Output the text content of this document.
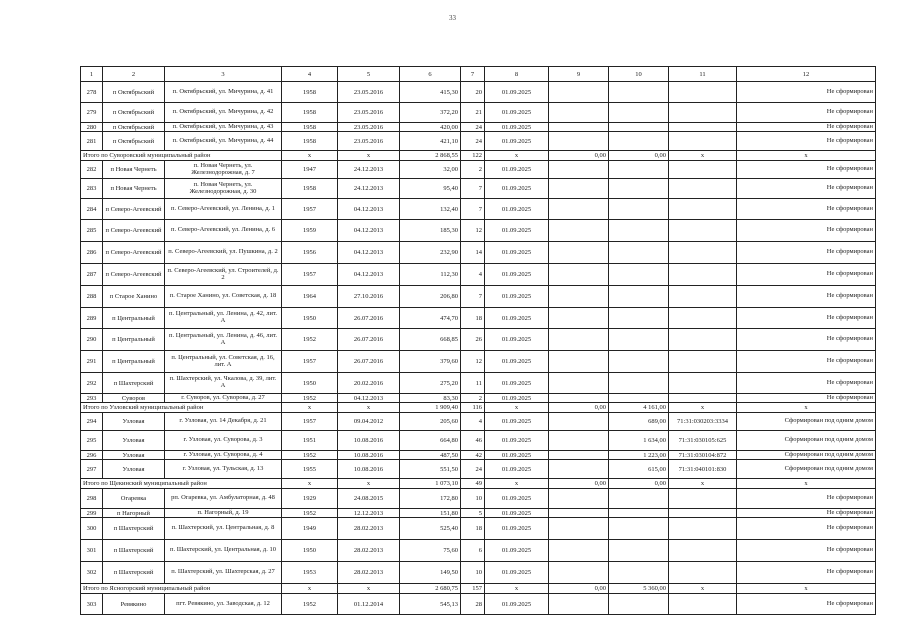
33
1	2	3	4	5	6	7	8	9	10	11	12
278	п Октябрьский	п. Октябрьский, ул. Мичурина, д. 41	1958	23.05.2016	415,30	20	01.09.2025				Не сформирован
279	п Октябрьский	п. Октябрьский, ул. Мичурина, д. 42	1958	23.05.2016	372,20	21	01.09.2025				Не сформирован
280	п Октябрьский	п. Октябрьский, ул. Мичурина, д. 43	1958	23.05.2016	420,00	24	01.09.2025				Не сформирован
281	п Октябрьский	п. Октябрьский, ул. Мичурина, д. 44	1958	23.05.2016	421,10	24	01.09.2025				Не сформирован
Итого по Суворовский муниципальный район			x	x	2 868,55	122	x	0,00	0,00	x	x
282	п Новая Чернеть	п. Новая Чернеть, ул. Железнодорожная, д. 7	1947	24.12.2013	32,00	2	01.09.2025				Не сформирован
283	п Новая Чернеть	п. Новая Чернеть, ул. Железнодорожная, д. 30	1958	24.12.2013	95,40	7	01.09.2025				Не сформирован
284	п Северо-Агеевский	п. Северо-Агеевский, ул. Ленина, д. 1	1957	04.12.2013	132,40	7	01.09.2025				Не сформирован
285	п Северо-Агеевский	п. Северо-Агеевский, ул. Ленина, д. 6	1959	04.12.2013	185,30	12	01.09.2025				Не сформирован
286	п Северо-Агеевский	п. Северо-Агеевский, ул. Пушкина, д. 2	1956	04.12.2013	232,90	14	01.09.2025				Не сформирован
287	п Северо-Агеевский	п. Северо-Агеевский, ул. Строителей, д. 2	1957	04.12.2013	112,30	4	01.09.2025				Не сформирован
288	п Старое Ханино	п. Старое Ханино, ул. Советская, д. 18	1964	27.10.2016	206,80	7	01.09.2025				Не сформирован
289	п Центральный	п. Центральный, ул. Ленина, д. 42, лит. А	1950	26.07.2016	474,70	18	01.09.2025				Не сформирован
290	п Центральный	п. Центральный, ул. Ленина, д. 46, лит. А	1952	26.07.2016	668,85	26	01.09.2025				Не сформирован
291	п Центральный	п. Центральный, ул. Советская, д. 16, лит. А	1957	26.07.2016	379,60	12	01.09.2025				Не сформирован
292	п Шахтерский	п. Шахтерский, ул. Чкалова, д. 39, лит. А	1950	20.02.2016	275,20	11	01.09.2025				Не сформирован
293	Суворов	г. Суворов, ул. Суворова, д. 27	1952	04.12.2013	83,30	2	01.09.2025				Не сформирован
Итого по Узловский муниципальный район			x	x	1 909,40	116	x	0,00	4 161,00	x	x
294	Узловая	г. Узловая, ул. 14 Декабря, д. 21	1957	09.04.2012	205,60	4	01.09.2025		689,00	71:31:030203:3334	Сформирован под одним домом
295	Узловая	г. Узловая, ул. Суворова, д. 3	1951	10.08.2016	664,80	46	01.09.2025		1 634,00	71:31:030105:625	Сформирован под одним домом
296	Узловая	г. Узловая, ул. Суворова, д. 4	1952	10.08.2016	487,50	42	01.09.2025		1 223,00	71:31:030104:872	Сформирован под одним домом
297	Узловая	г. Узловая, ул. Тульская, д. 13	1955	10.08.2016	551,50	24	01.09.2025		615,00	71:31:040101:830	Сформирован под одним домом
Итого по Щекинский муниципальный район			x	x	1 073,10	49	x	0,00	0,00	x	x
298	Огаревка	рп. Огаревка, ул. Амбулаторная, д. 48	1929	24.08.2015	172,80	10	01.09.2025				Не сформирован
299	п Нагорный	п. Нагорный, д. 19	1952	12.12.2013	151,80	5	01.09.2025				Не сформирован
300	п Шахтерский	п. Шахтерский, ул. Центральная, д. 8	1949	28.02.2013	525,40	18	01.09.2025				Не сформирован
301	п Шахтерский	п. Шахтерский, ул. Центральная, д. 10	1950	28.02.2013	75,60	6	01.09.2025				Не сформирован
302	п Шахтерский	п. Шахтерский, ул. Шахтерская, д. 27	1953	28.02.2013	149,50	10	01.09.2025				Не сформирован
Итого по Ясногорский муниципальный район			x	x	2 680,75	157	x	0,00	5 360,00	x	x
303	Ревякино	пгт. Ревякино, ул. Заводская, д. 12	1952	01.12.2014	545,13	28	01.09.2025				Не сформирован
